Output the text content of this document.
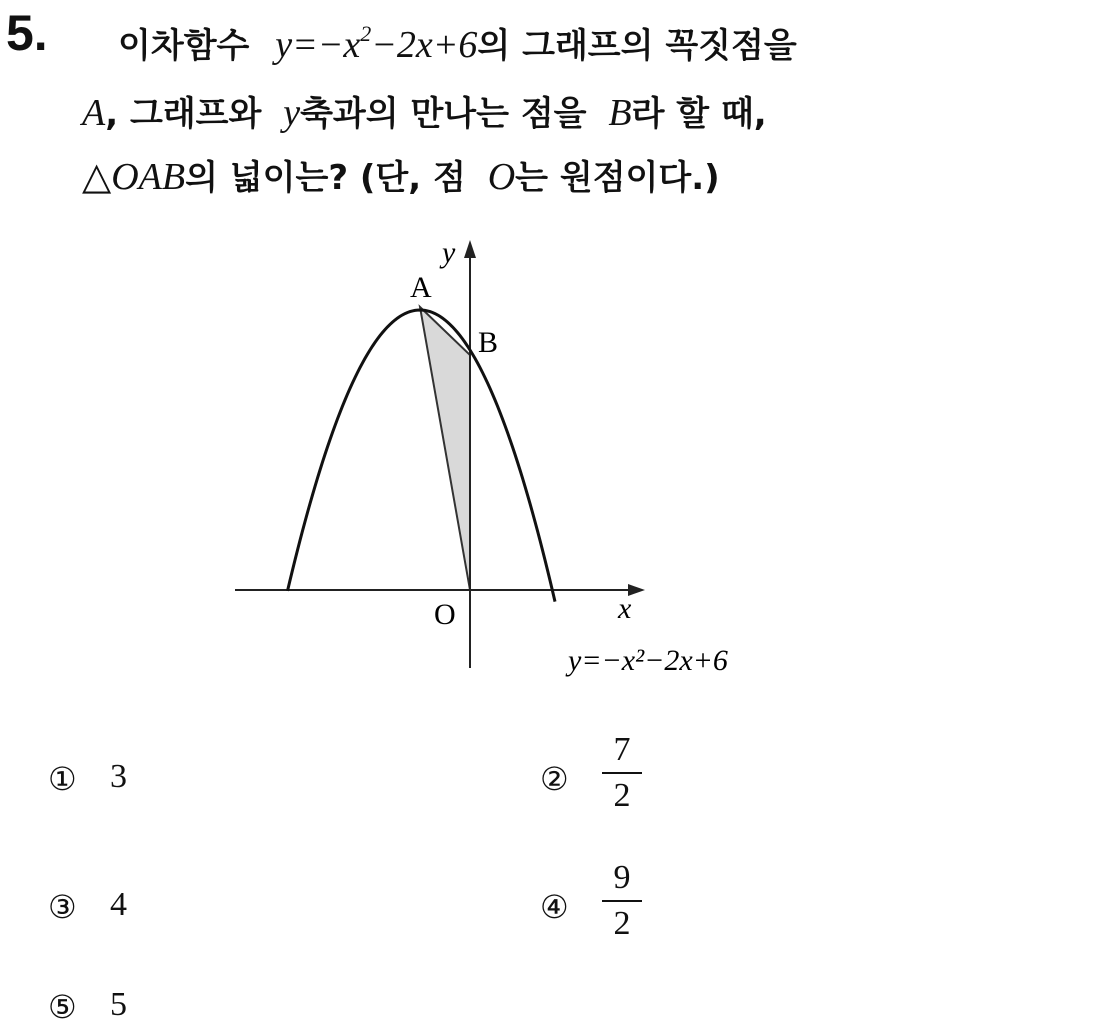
5. 이차함수 $y=-x^2-2x+6$의 그래프의 꼭짓점을
A, 그래프와 y축과의 만나는 점을 B라 할 때,
△OAB의 넓이는? (단, 점 O는 원점이다.)
A
B
O	x
y
y=−x²−2x+6
① 3	②
7
2
③ 4	④
9
2
⑤ 5
